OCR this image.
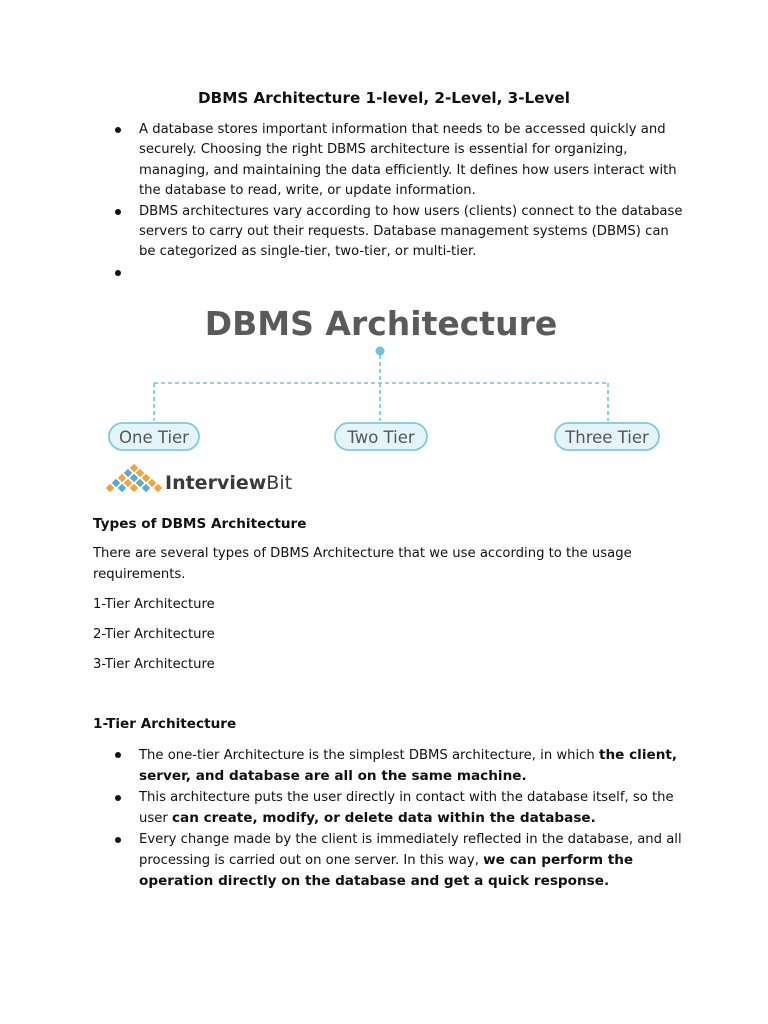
DBMS Architecture 1-level, 2-Level, 3-Level
A database stores important information that needs to be accessed quickly and securely. Choosing the right DBMS architecture is essential for organizing, managing, and maintaining the data efficiently. It defines how users interact with the database to read, write, or update information.
DBMS architectures vary according to how users (clients) connect to the database servers to carry out their requests. Database management systems (DBMS) can be categorized as single-tier, two-tier, or multi-tier.
DBMS Architecture
One Tier	Two Tier	Three Tier
InterviewBit
Types of DBMS Architecture
There are several types of DBMS Architecture that we use according to the usage requirements.
1-Tier Architecture
2-Tier Architecture
3-Tier Architecture
1-Tier Architecture
The one-tier Architecture is the simplest DBMS architecture, in which the client, server, and database are all on the same machine.
This architecture puts the user directly in contact with the database itself, so the user can create, modify, or delete data within the database.
Every change made by the client is immediately reflected in the database, and all processing is carried out on one server. In this way, we can perform the operation directly on the database and get a quick response.
